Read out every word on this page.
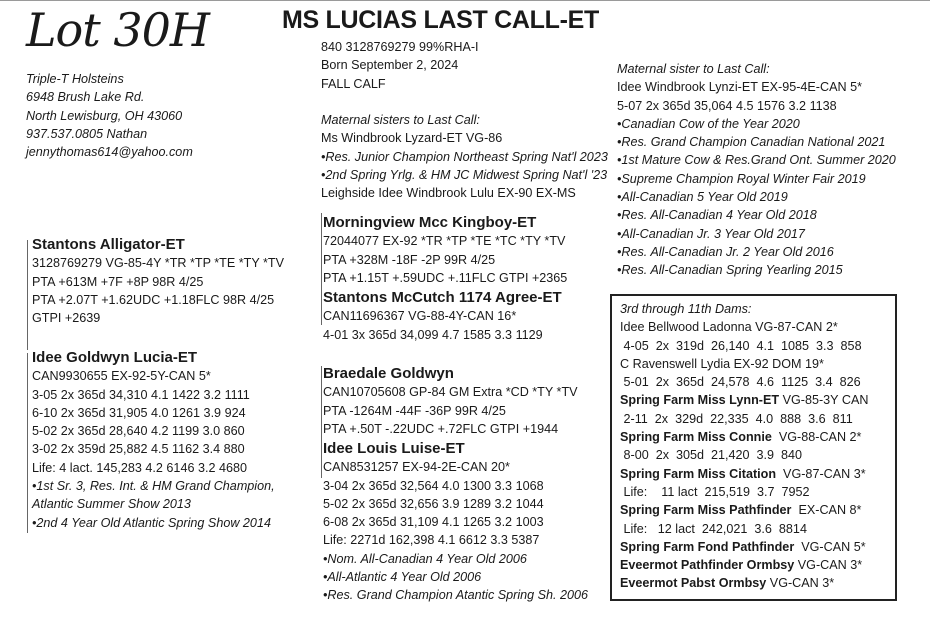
Lot 30H	MS LUCIAS LAST CALL-ET
Triple-T Holsteins
6948 Brush Lake Rd.
North Lewisburg, OH 43060
937.537.0805 Nathan
jennythomas614@yahoo.com
840 3128769279 99%RHA-I
Born September 2, 2024
FALL CALF
Maternal sisters to Last Call:
Ms Windbrook Lyzard-ET VG-86
•Res. Junior Champion Northeast Spring Nat'l 2023
•2nd Spring Yrlg. & HM JC Midwest Spring Nat'l '23
Leighside Idee Windbrook Lulu EX-90 EX-MS
Maternal sister to Last Call:
Idee Windbrook Lynzi-ET EX-95-4E-CAN 5*
5-07 2x 365d 35,064 4.5 1576 3.2 1138
•Canadian Cow of the Year 2020
•Res. Grand Champion Canadian National 2021
•1st Mature Cow & Res.Grand Ont. Summer 2020
•Supreme Champion Royal Winter Fair 2019
•All-Canadian 5 Year Old 2019
•Res. All-Canadian 4 Year Old 2018
•All-Canadian Jr. 3 Year Old 2017
•Res. All-Canadian Jr. 2 Year Old 2016
•Res. All-Canadian Spring Yearling 2015
Stantons Alligator-ET
3128769279 VG-85-4Y *TR *TP *TE *TY *TV
PTA +613M +7F +8P 98R 4/25
PTA +2.07T +1.62UDC +1.18FLC 98R 4/25
GTPI +2639
Idee Goldwyn Lucia-ET
CAN9930655 EX-92-5Y-CAN 5*
3-05 2x 365d 34,310 4.1 1422 3.2 1111
6-10 2x 365d 31,905 4.0 1261 3.9 924
5-02 2x 365d 28,640 4.2 1199 3.0 860
3-02 2x 359d 25,882 4.5 1162 3.4 880
Life: 4 lact. 145,283 4.2 6146 3.2 4680
•1st Sr. 3, Res. Int. & HM Grand Champion,
Atlantic Summer Show 2013
•2nd 4 Year Old Atlantic Spring Show 2014
Morningview Mcc Kingboy-ET
72044077 EX-92 *TR *TP *TE *TC *TY *TV
PTA +328M -18F -2P 99R 4/25
PTA +1.15T +.59UDC +.11FLC GTPI +2365
Stantons McCutch 1174 Agree-ET
CAN11696367 VG-88-4Y-CAN 16*
4-01 3x 365d 34,099 4.7 1585 3.3 1129
Braedale Goldwyn
CAN10705608 GP-84 GM Extra *CD *TY *TV
PTA -1264M -44F -36P 99R 4/25
PTA +.50T -.22UDC +.72FLC GTPI +1944
Idee Louis Luise-ET
CAN8531257 EX-94-2E-CAN 20*
3-04 2x 365d 32,564 4.0 1300 3.3 1068
5-02 2x 365d 32,656 3.9 1289 3.2 1044
6-08 2x 365d 31,109 4.1 1265 3.2 1003
Life: 2271d 162,398 4.1 6612 3.3 5387
•Nom. All-Canadian 4 Year Old 2006
•All-Atlantic 4 Year Old 2006
•Res. Grand Champion Atantic Spring Sh. 2006
3rd through 11th Dams:
Idee Bellwood Ladonna VG-87-CAN 2*
4-05  2x  319d  26,140  4.1  1085  3.3  858
C Ravenswell Lydia EX-92 DOM 19*
5-01  2x  365d  24,578  4.6  1125  3.4  826
Spring Farm Miss Lynn-ET VG-85-3Y CAN
2-11  2x  329d  22,335  4.0  888  3.6  811
Spring Farm Miss Connie  VG-88-CAN 2*
8-00  2x  305d  21,420  3.9  840
Spring Farm Miss Citation  VG-87-CAN 3*
Life:    11 lact  215,519  3.7  7952
Spring Farm Miss Pathfinder  EX-CAN 8*
Life:   12 lact  242,021  3.6  8814
Spring Farm Fond Pathfinder  VG-CAN 5*
Eveermot Pathfinder Ormbsy VG-CAN 3*
Eveermot Pabst Ormbsy VG-CAN 3*
